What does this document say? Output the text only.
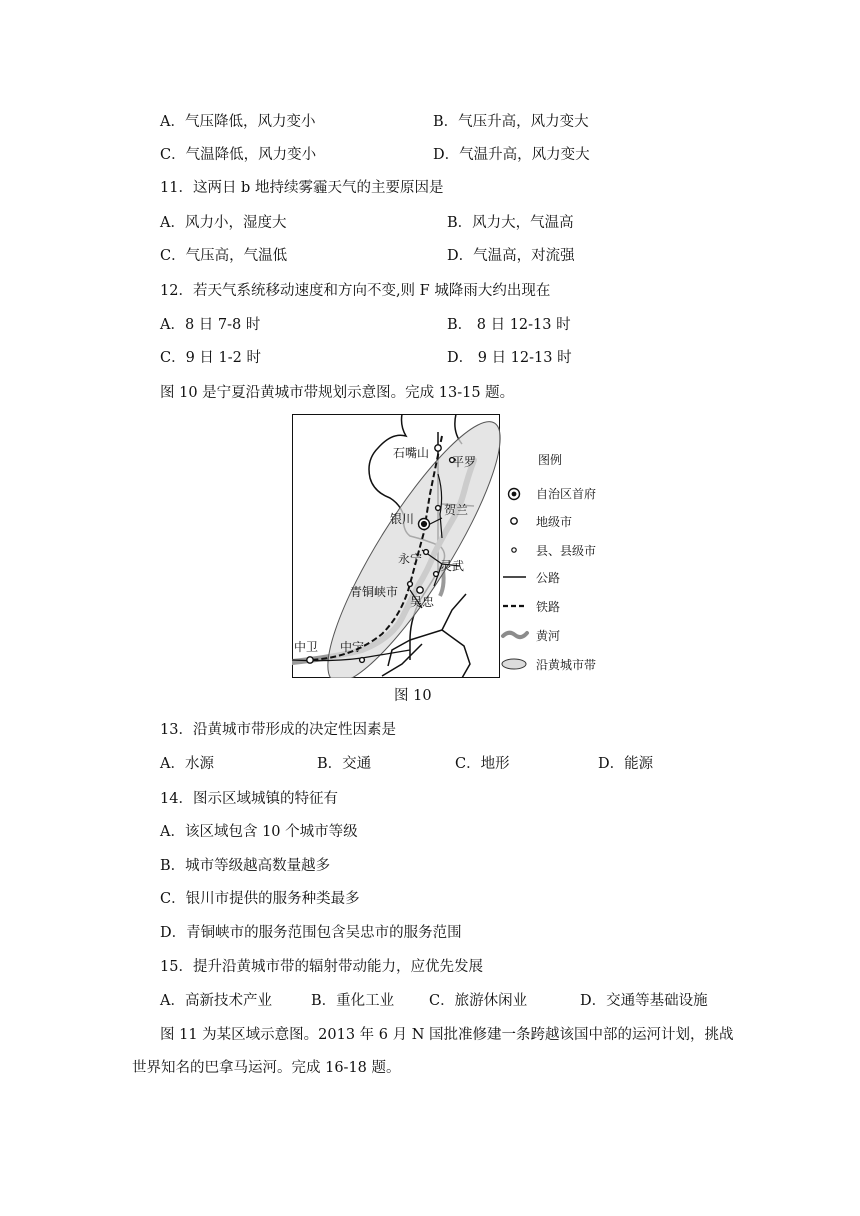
A．气压降低，风力变小	B．气压升高，风力变大
C．气温降低，风力变小	D．气温升高，风力变大
11．这两日 b 地持续雾霾天气的主要原因是
A．风力小，湿度大	B．风力大，气温高
C．气压高，气温低	D．气温高，对流强
12．若天气系统移动速度和方向不变,则 F 城降雨大约出现在
A．8 日 7-8 时	B． 8 日 12-13 时
C．9 日 1-2 时	D． 9 日 12-13 时
图 10 是宁夏沿黄城市带规划示意图。完成 13-15 题。
石嘴山
平罗
银川
贺兰
永宁 灵武
青铜峡市
吴忠
中卫 中宁
图例
自治区首府
地级市
县、县级市
公路
铁路
黄河
沿黄城市带
图 10
13．沿黄城市带形成的决定性因素是
A．水源	B．交通	C．地形	D．能源
14．图示区域城镇的特征有
A．该区域包含 10 个城市等级
B．城市等级越高数量越多
C．银川市提供的服务种类最多
D．青铜峡市的服务范围包含吴忠市的服务范围
15．提升沿黄城市带的辐射带动能力，应优先发展
A．高新技术产业	B．重化工业 C．旅游休闲业	D．交通等基础设施
图 11 为某区域示意图。2013 年 6 月 N 国批准修建一条跨越该国中部的运河计划，挑战
世界知名的巴拿马运河。完成 16-18 题。
